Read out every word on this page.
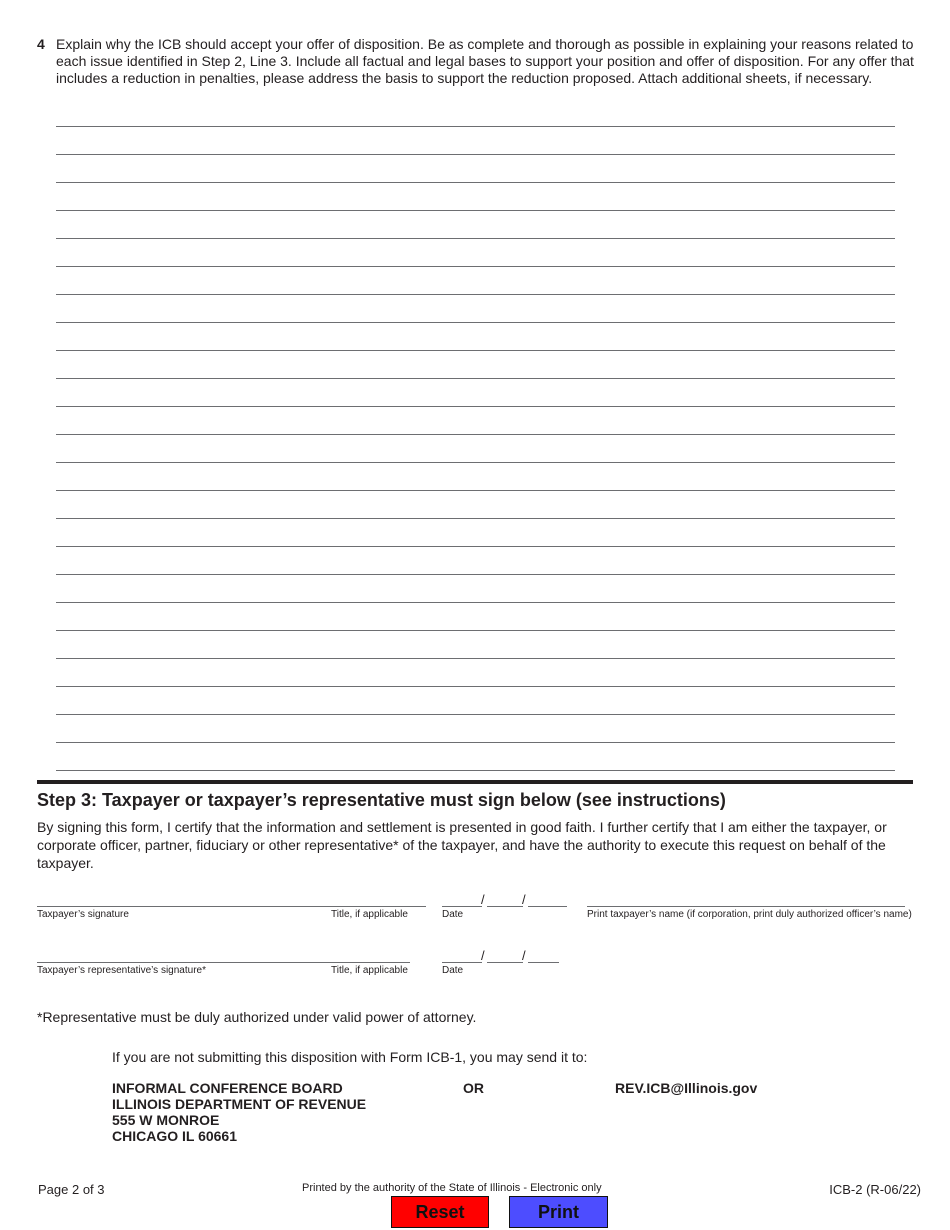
4 Explain why the ICB should accept your offer of disposition. Be as complete and thorough as possible in explaining your reasons related to each issue identified in Step 2, Line 3. Include all factual and legal bases to support your position and offer of disposition. For any offer that includes a reduction in penalties, please address the basis to support the reduction proposed. Attach additional sheets, if necessary.
Step 3: Taxpayer or taxpayer’s representative must sign below (see instructions)
By signing this form, I certify that the information and settlement is presented in good faith. I further certify that I am either the taxpayer, or corporate officer, partner, fiduciary or other representative* of the taxpayer, and have the authority to execute this request on behalf of the taxpayer.
Taxpayer’s signature	Title, if applicable
/	/
Date	Print taxpayer’s name (if corporation, print duly authorized officer’s name)
Taxpayer’s representative’s signature*	Title, if applicable
/	/
Date
*Representative must be duly authorized under valid power of attorney.
If you are not submitting this disposition with Form ICB-1, you may send it to:
INFORMAL CONFERENCE BOARD
ILLINOIS DEPARTMENT OF REVENUE
555 W MONROE
CHICAGO IL 60661
OR	REV.ICB@Illinois.gov
Page 2 of 3	Printed by the authority of the State of Illinois - Electronic only	ICB-2 (R-06/22)
Reset	Print
